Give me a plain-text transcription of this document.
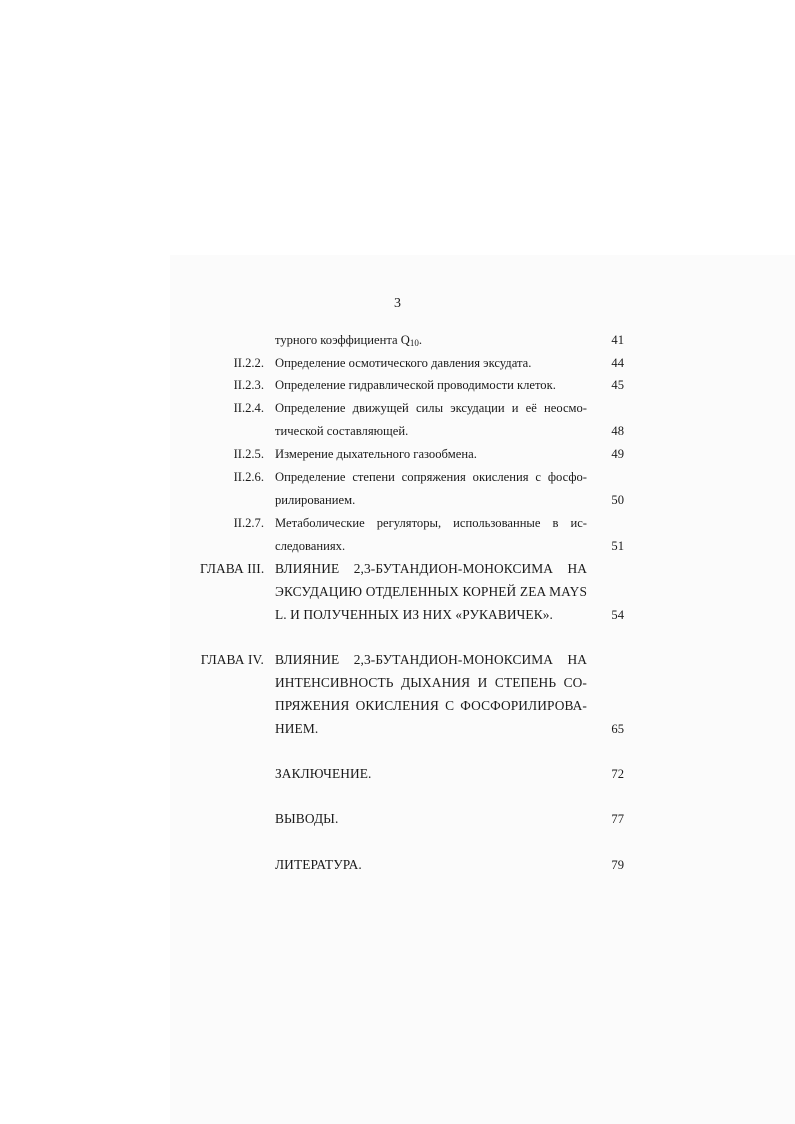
3
турного коэффициента $Q_{10}$.	41
II.2.2. Определение осмотического давления эксудата.	44
II.2.3. Определение гидравлической проводимости клеток.	45
II.2.4. Определение движущей силы эксудации и её неосмо-
тической составляющей.	48
II.2.5. Измерение дыхательного газообмена.	49
II.2.6. Определение степени сопряжения окисления с фосфо-
рилированием.	50
II.2.7. Метаболические регуляторы, использованные в ис-
следованиях.	51
ГЛАВА III. ВЛИЯНИЕ 2,3-БУТАНДИОН-МОНОКСИМА НА
ЭКСУДАЦИЮ ОТДЕЛЕННЫХ КОРНЕЙ ZEA MAYS
L. И ПОЛУЧЕННЫХ ИЗ НИХ «РУКАВИЧЕК».	54
ГЛАВА IV. ВЛИЯНИЕ 2,3-БУТАНДИОН-МОНОКСИМА НА
ИНТЕНСИВНОСТЬ ДЫХАНИЯ И СТЕПЕНЬ СО-
ПРЯЖЕНИЯ ОКИСЛЕНИЯ С ФОСФОРИЛИРОВА-
НИЕМ.	65
ЗАКЛЮЧЕНИЕ.	72
ВЫВОДЫ.	77
ЛИТЕРАТУРА.	79
